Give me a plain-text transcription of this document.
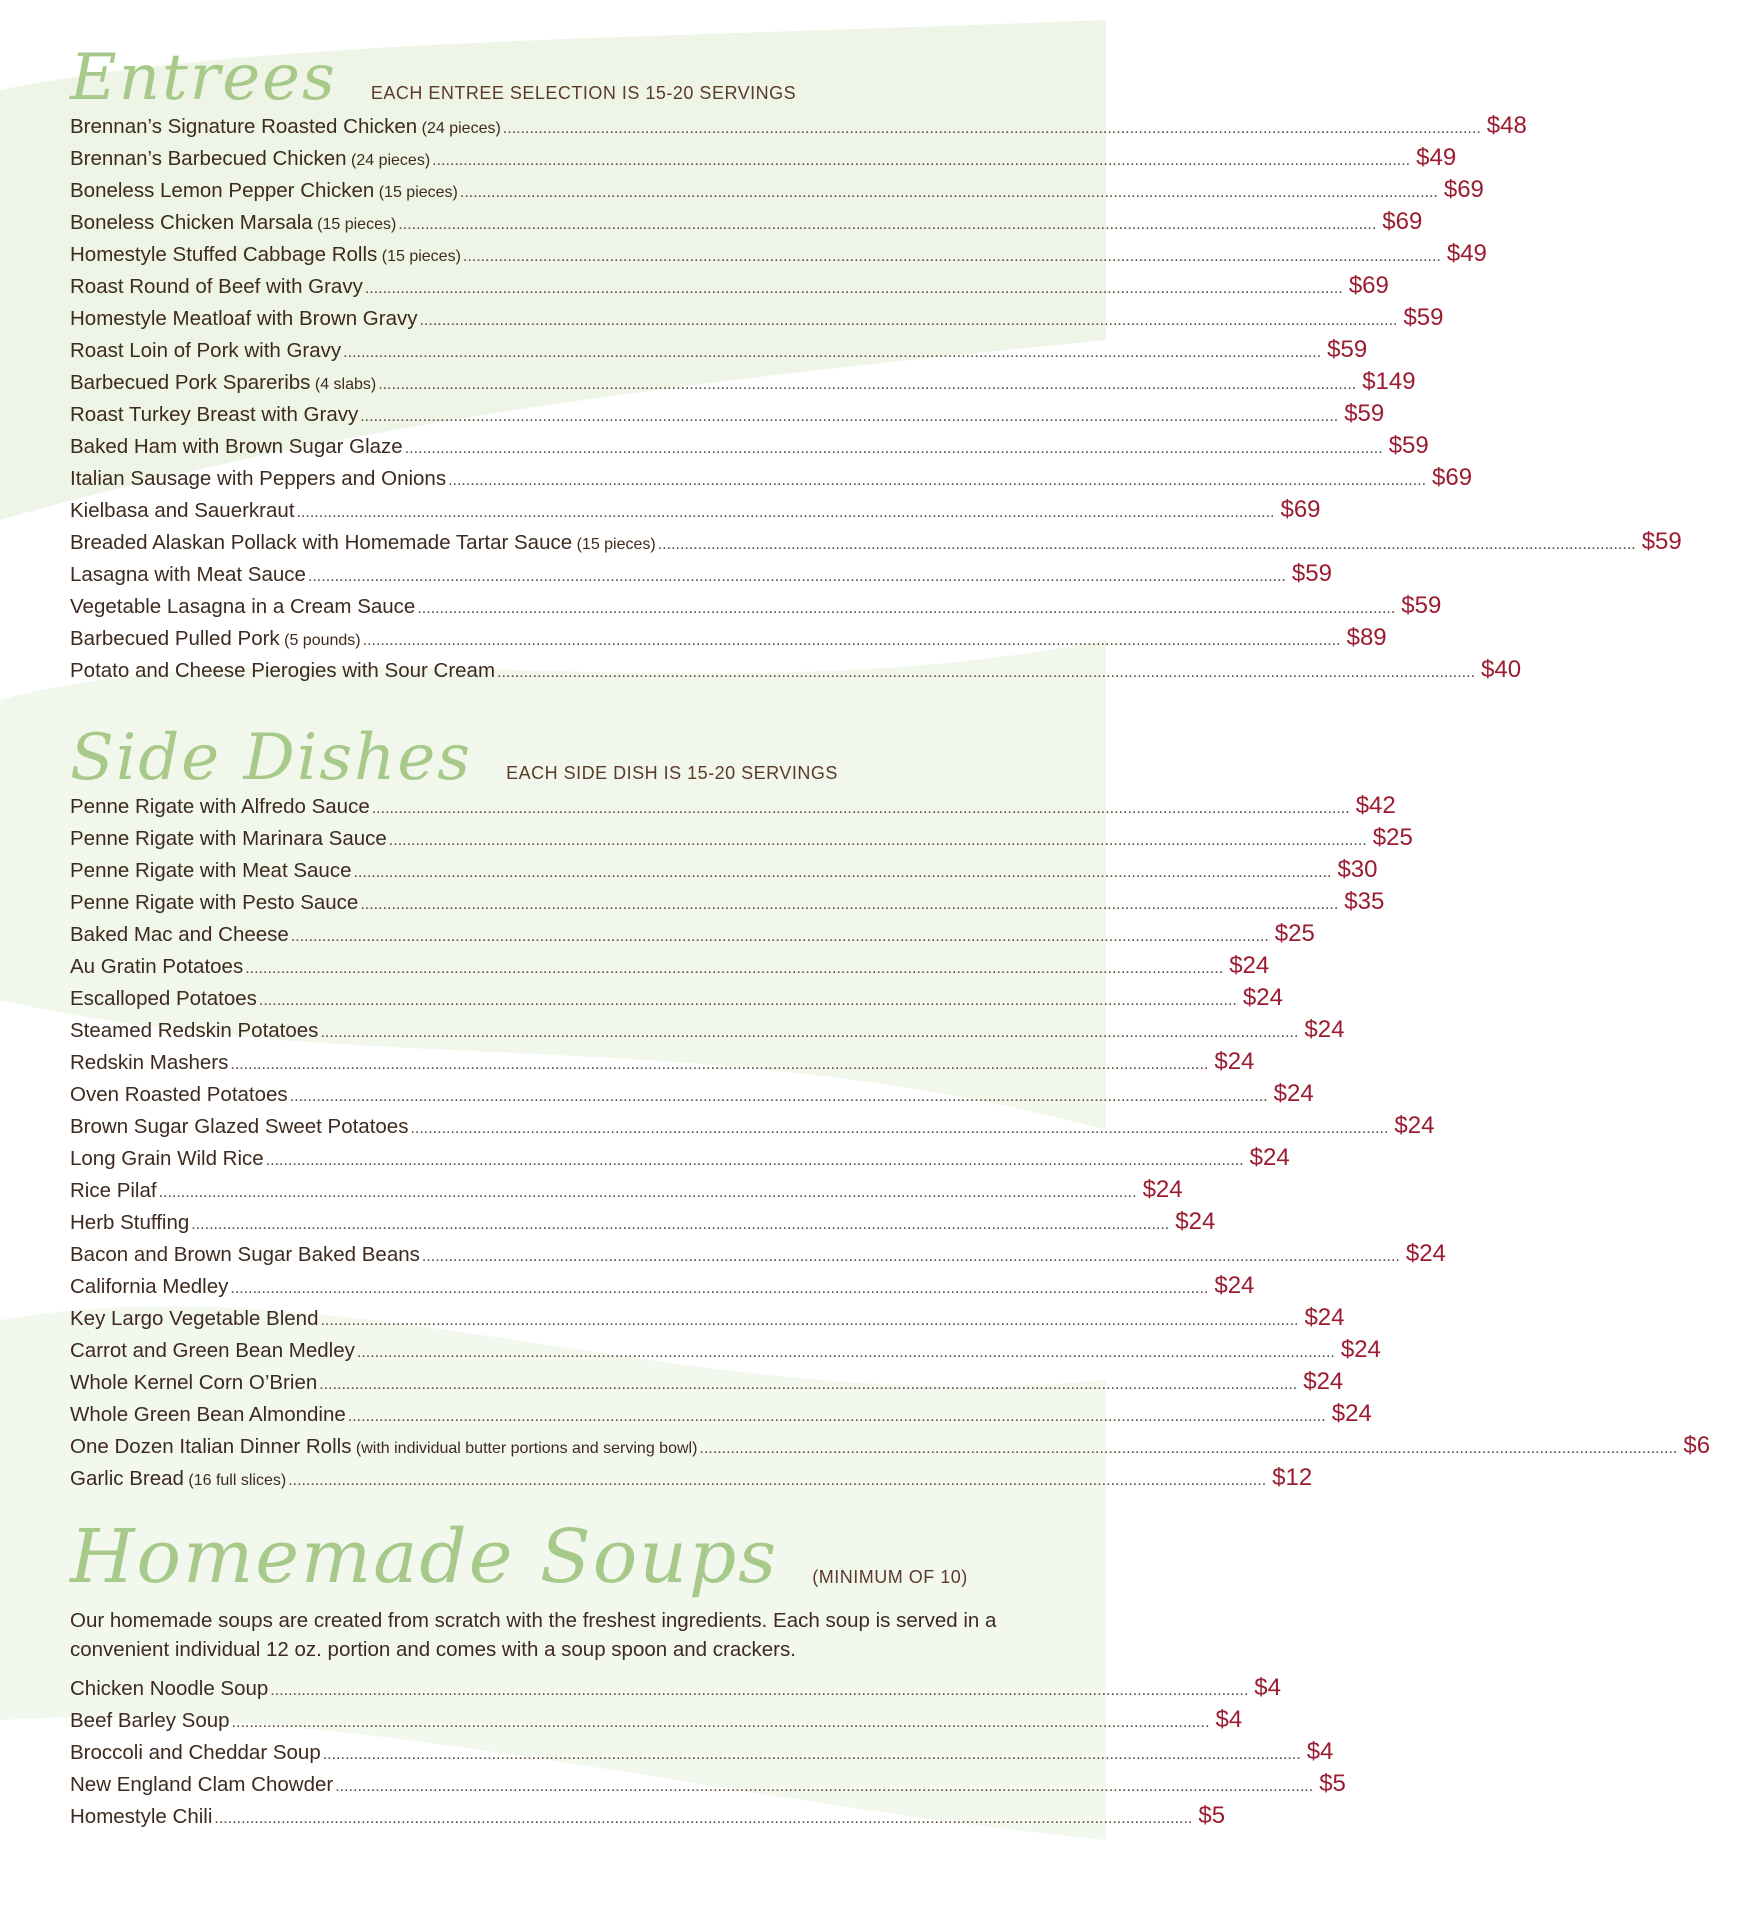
Entrees EACH ENTREE SELECTION IS 15-20 SERVINGS
Brennan’s Signature Roasted Chicken (24 pieces) ............................................................................................................................................................................................................................ $48
Brennan’s Barbecued Chicken (24 pieces) ............................................................................................................................................................................................................................ $49
Boneless Lemon Pepper Chicken (15 pieces) ............................................................................................................................................................................................................................ $69
Boneless Chicken Marsala (15 pieces) ............................................................................................................................................................................................................................ $69
Homestyle Stuffed Cabbage Rolls (15 pieces) ............................................................................................................................................................................................................................ $49
Roast Round of Beef with Gravy ............................................................................................................................................................................................................................ $69
Homestyle Meatloaf with Brown Gravy ............................................................................................................................................................................................................................ $59
Roast Loin of Pork with Gravy ............................................................................................................................................................................................................................ $59
Barbecued Pork Spareribs (4 slabs) ............................................................................................................................................................................................................................ $149
Roast Turkey Breast with Gravy ............................................................................................................................................................................................................................ $59
Baked Ham with Brown Sugar Glaze ............................................................................................................................................................................................................................ $59
Italian Sausage with Peppers and Onions ............................................................................................................................................................................................................................ $69
Kielbasa and Sauerkraut ............................................................................................................................................................................................................................ $69
Breaded Alaskan Pollack with Homemade Tartar Sauce (15 pieces) ............................................................................................................................................................................................................................ $59
Lasagna with Meat Sauce ............................................................................................................................................................................................................................ $59
Vegetable Lasagna in a Cream Sauce ............................................................................................................................................................................................................................ $59
Barbecued Pulled Pork (5 pounds) ............................................................................................................................................................................................................................ $89
Potato and Cheese Pierogies with Sour Cream ............................................................................................................................................................................................................................ $40
Side Dishes EACH SIDE DISH IS 15-20 SERVINGS
Penne Rigate with Alfredo Sauce ............................................................................................................................................................................................................................ $42
Penne Rigate with Marinara Sauce ............................................................................................................................................................................................................................ $25
Penne Rigate with Meat Sauce ............................................................................................................................................................................................................................ $30
Penne Rigate with Pesto Sauce ............................................................................................................................................................................................................................ $35
Baked Mac and Cheese ............................................................................................................................................................................................................................ $25
Au Gratin Potatoes ............................................................................................................................................................................................................................ $24
Escalloped Potatoes ............................................................................................................................................................................................................................ $24
Steamed Redskin Potatoes ............................................................................................................................................................................................................................ $24
Redskin Mashers ............................................................................................................................................................................................................................ $24
Oven Roasted Potatoes ............................................................................................................................................................................................................................ $24
Brown Sugar Glazed Sweet Potatoes ............................................................................................................................................................................................................................ $24
Long Grain Wild Rice ............................................................................................................................................................................................................................ $24
Rice Pilaf ............................................................................................................................................................................................................................ $24
Herb Stuffing ............................................................................................................................................................................................................................ $24
Bacon and Brown Sugar Baked Beans ............................................................................................................................................................................................................................ $24
California Medley ............................................................................................................................................................................................................................ $24
Key Largo Vegetable Blend ............................................................................................................................................................................................................................ $24
Carrot and Green Bean Medley ............................................................................................................................................................................................................................ $24
Whole Kernel Corn O’Brien ............................................................................................................................................................................................................................ $24
Whole Green Bean Almondine ............................................................................................................................................................................................................................ $24
One Dozen Italian Dinner Rolls (with individual butter portions and serving bowl) ............................................................................................................................................................................................................................ $6
Garlic Bread (16 full slices) ............................................................................................................................................................................................................................ $12
Homemade Soups (MINIMUM OF 10)
Our homemade soups are created from scratch with the freshest ingredients. Each soup is served in a convenient individual 12 oz. portion and comes with a soup spoon and crackers.
Chicken Noodle Soup ............................................................................................................................................................................................................................ $4
Beef Barley Soup ............................................................................................................................................................................................................................ $4
Broccoli and Cheddar Soup ............................................................................................................................................................................................................................ $4
New England Clam Chowder ............................................................................................................................................................................................................................ $5
Homestyle Chili ............................................................................................................................................................................................................................ $5
